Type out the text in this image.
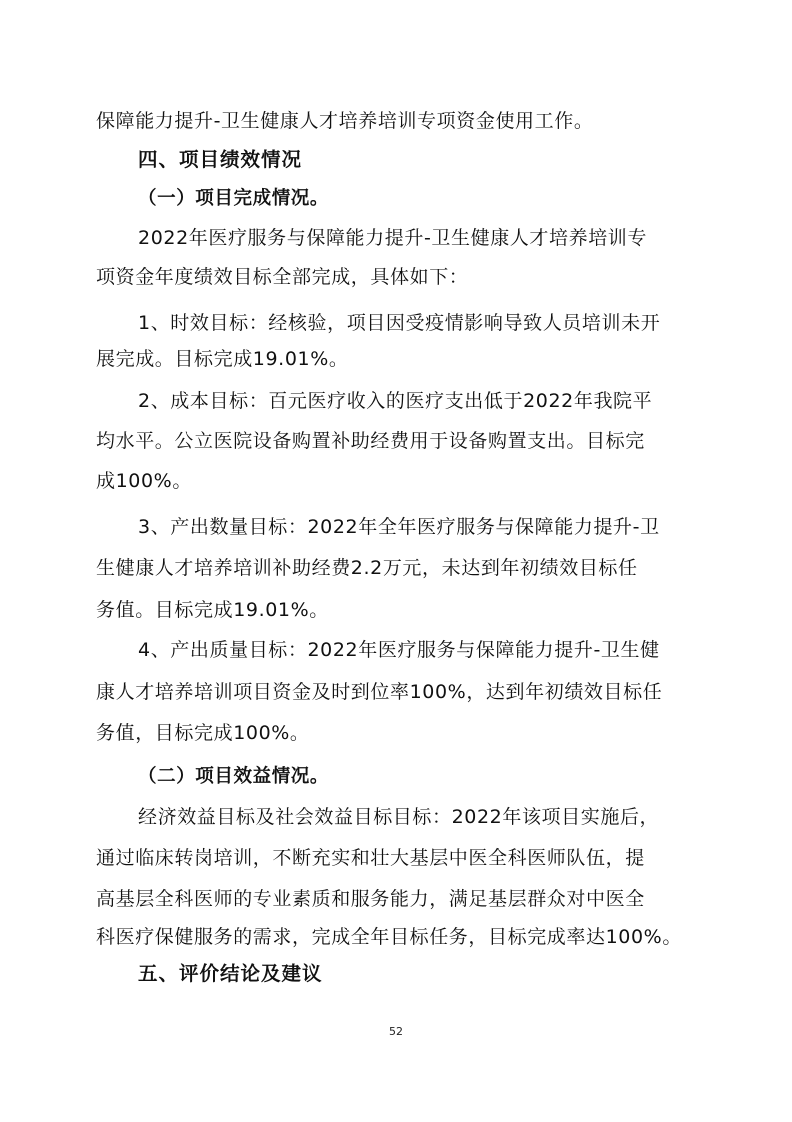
保障能力提升-卫生健康人才培养培训专项资金使用工作。
四、项目绩效情况
（一）项目完成情况。
2022年医疗服务与保障能力提升-卫生健康人才培养培训专
项资金年度绩效目标全部完成，具体如下：
1、时效目标：经核验，项目因受疫情影响导致人员培训未开
展完成。目标完成19.01%。
2、成本目标：百元医疗收入的医疗支出低于2022年我院平
均水平。公立医院设备购置补助经费用于设备购置支出。目标完
成100%。
3、产出数量目标：2022年全年医疗服务与保障能力提升-卫
生健康人才培养培训补助经费2.2万元，未达到年初绩效目标任
务值。目标完成19.01%。
4、产出质量目标：2022年医疗服务与保障能力提升-卫生健
康人才培养培训项目资金及时到位率100%，达到年初绩效目标任
务值，目标完成100%。
（二）项目效益情况。
经济效益目标及社会效益目标目标：2022年该项目实施后，
通过临床转岗培训，不断充实和壮大基层中医全科医师队伍，提
高基层全科医师的专业素质和服务能力，满足基层群众对中医全
科医疗保健服务的需求，完成全年目标任务，目标完成率达100%。
五、评价结论及建议
52
